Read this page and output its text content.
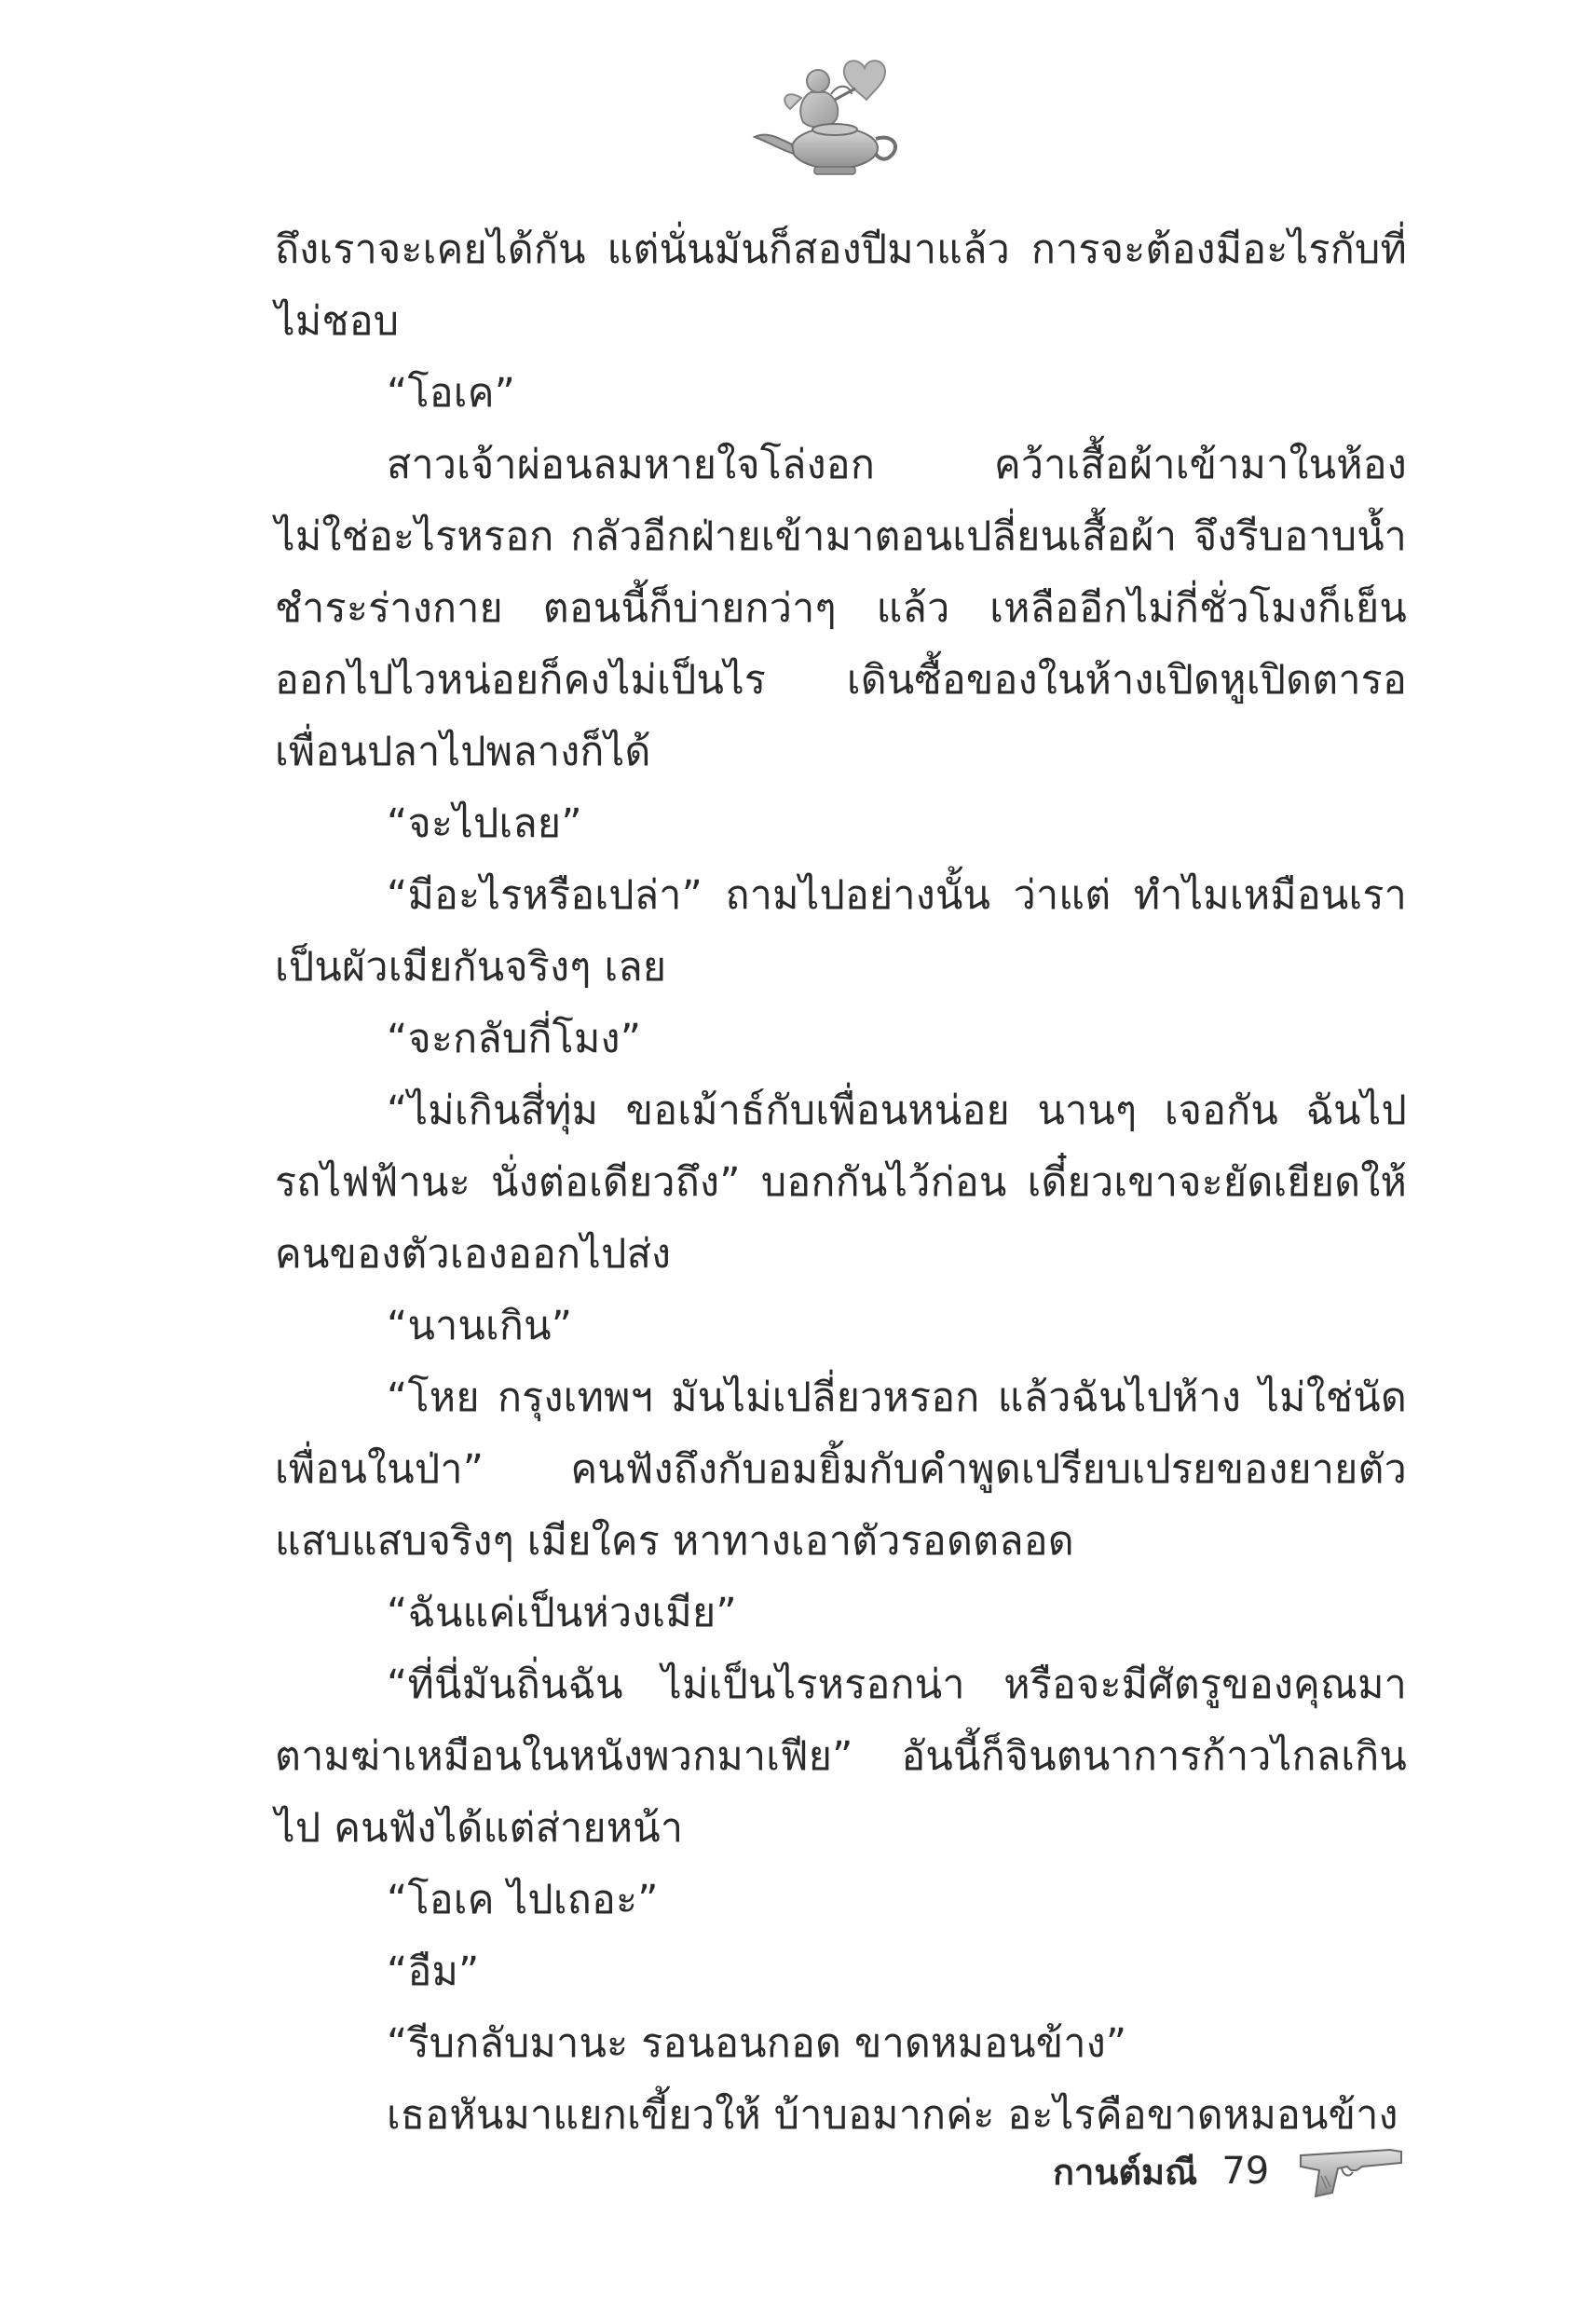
ถึงเราจะเคยได้กัน แต่นั่นมันก็สองปีมาแล้ว การจะต้องมีอะไรกับที่ไม่ชอบ

“โอเค”

สาวเจ้าผ่อนลมหายใจโล่งอก คว้าเสื้อผ้าเข้ามาในห้อง ไม่ใช่อะไรหรอก กลัวอีกฝ่ายเข้ามาตอนเปลี่ยนเสื้อผ้า จึงรีบอาบน้ำชำระร่างกาย ตอนนี้ก็บ่ายกว่าๆ แล้ว เหลืออีกไม่กี่ชั่วโมงก็เย็น ออกไปไวหน่อยก็คงไม่เป็นไร เดินซื้อของในห้างเปิดหูเปิดตารอเพื่อนปลาไปพลางก็ได้

“จะไปเลย”

“มีอะไรหรือเปล่า” ถามไปอย่างนั้น ว่าแต่ ทำไมเหมือนเราเป็นผัวเมียกันจริงๆ เลย

“จะกลับกี่โมง”

“ไม่เกินสี่ทุ่ม ขอเม้าธ์กับเพื่อนหน่อย นานๆ เจอกัน ฉันไปรถไฟฟ้านะ นั่งต่อเดียวถึง” บอกกันไว้ก่อน เดี๋ยวเขาจะยัดเยียดให้คนของตัวเองออกไปส่ง

“นานเกิน”

“โหย กรุงเทพฯ มันไม่เปลี่ยวหรอก แล้วฉันไปห้าง ไม่ใช่นัดเพื่อนในป่า” คนฟังถึงกับอมยิ้มกับคำพูดเปรียบเปรยของยายตัวแสบแสบจริงๆ เมียใคร หาทางเอาตัวรอดตลอด

“ฉันแค่เป็นห่วงเมีย”

“ที่นี่มันถิ่นฉัน ไม่เป็นไรหรอกน่า หรือจะมีศัตรูของคุณมาตามฆ่าเหมือนในหนังพวกมาเฟีย” อันนี้ก็จินตนาการก้าวไกลเกินไป คนฟังได้แต่ส่ายหน้า

“โอเค ไปเถอะ”

“อืม”

“รีบกลับมานะ รอนอนกอด ขาดหมอนข้าง”

เธอหันมาแยกเขี้ยวให้ บ้าบอมากค่ะ อะไรคือขาดหมอนข้าง

กานต์มณี 79
